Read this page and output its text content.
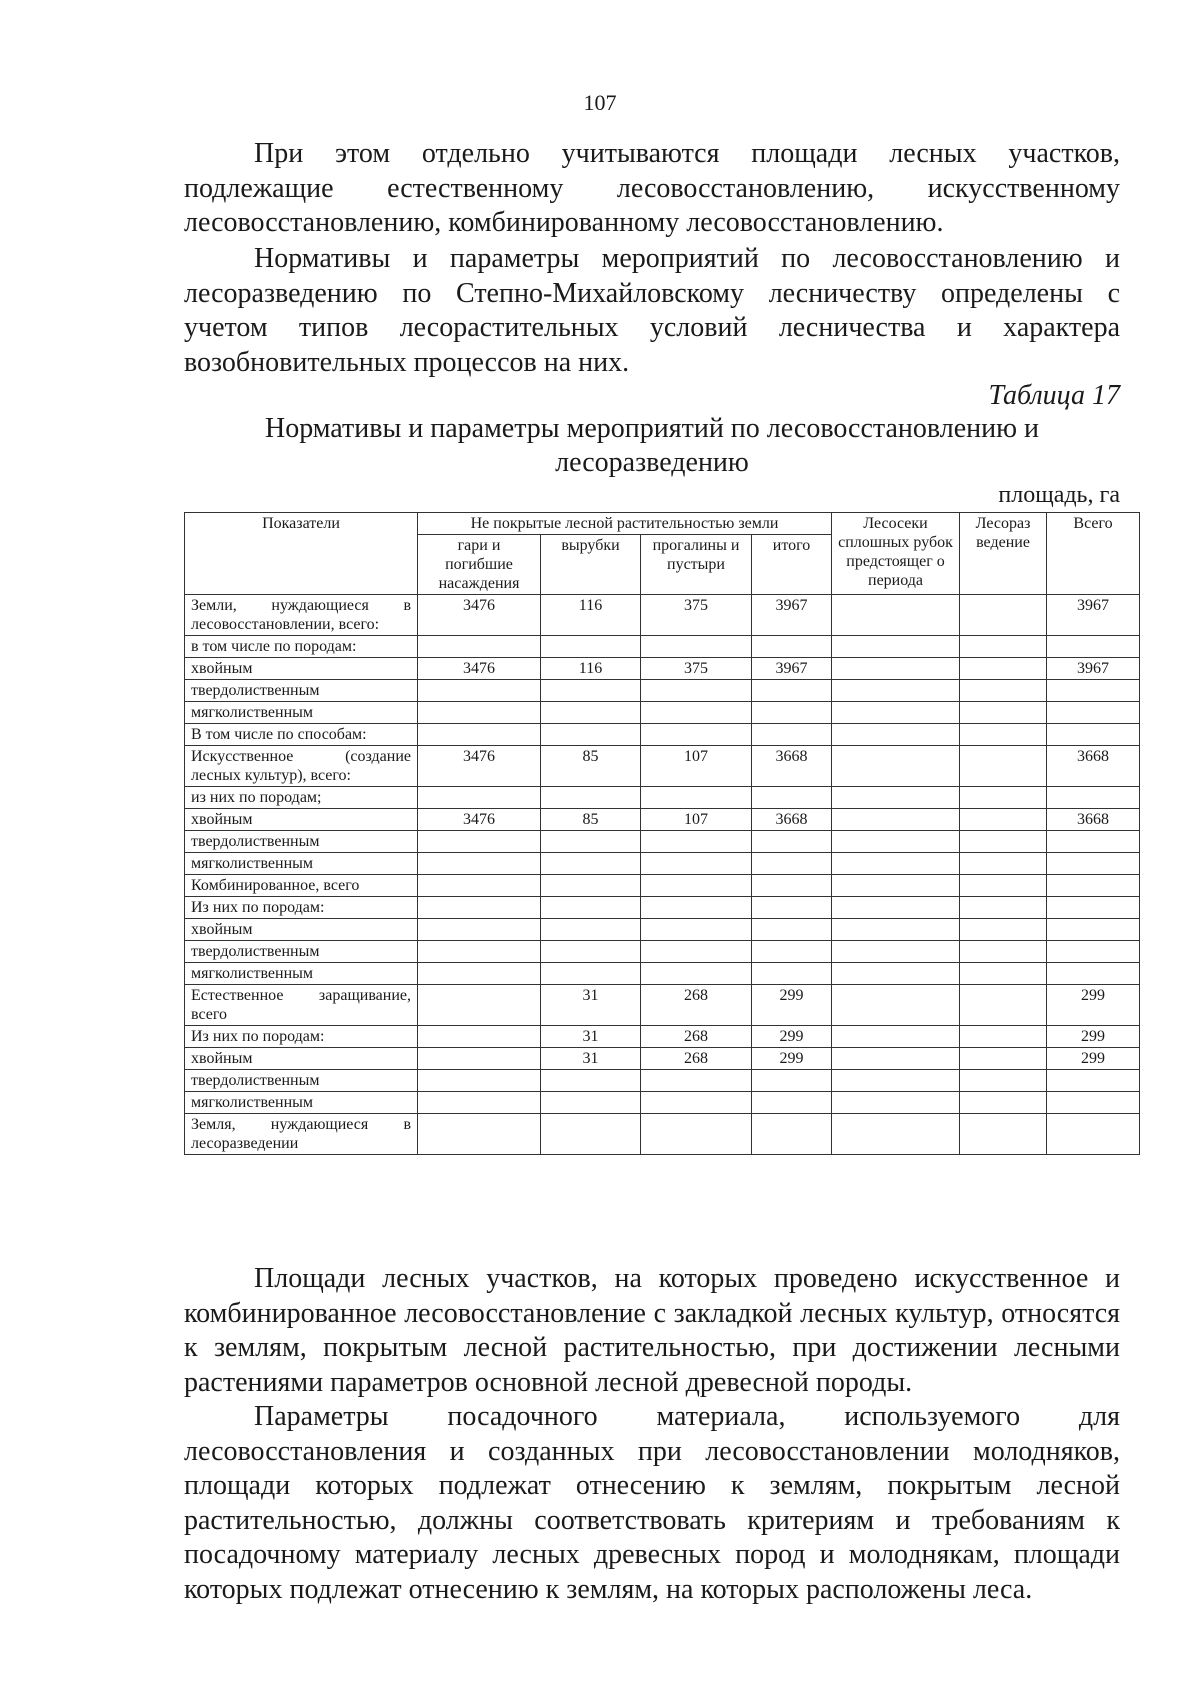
107

При этом отдельно учитываются площади лесных участков, подлежащие естественному лесовосстановлению, искусственному лесовосстановлению, комбинированному лесовосстановлению.

Нормативы и параметры мероприятий по лесовосстановлению и лесоразведению по Степно-Михайловскому лесничеству определены с учетом типов лесорастительных условий лесничества и характера возобновительных процессов на них.

Таблица 17
Нормативы и параметры мероприятий по лесовосстановлению и лесоразведению
площадь, га
Показатели	Не покрытые лесной растительностью земли				Лесосеки сплошных рубок предстоящег о периода	Лесораз ведение	Всего
	гари и погибшие насаждения	вырубки	прогалины и пустыри	итого			
Земли, нуждающиеся в лесовосстановлении, всего:	3476	116	375	3967			3967
в том числе по породам:							
хвойным	3476	116	375	3967			3967
твердолиственным							
мягколиственным							
В том числе по способам:							
Искусственное (создание лесных культур), всего:	3476	85	107	3668			3668
из них по породам;							
хвойным	3476	85	107	3668			3668
твердолиственным							
мягколиственным							
Комбинированное, всего							
Из них по породам:							
хвойным							
твердолиственным							
мягколиственным							
Естественное заращивание, всего		31	268	299			299
Из них по породам:		31	268	299			299
хвойным		31	268	299			299
твердолиственным							
мягколиственным							
Земля, нуждающиеся в лесоразведении							

Площади лесных участков, на которых проведено искусственное и комбинированное лесовосстановление с закладкой лесных культур, относятся к землям, покрытым лесной растительностью, при достижении лесными растениями параметров основной лесной древесной породы.

Параметры посадочного материала, используемого для лесовосстановления и созданных при лесовосстановлении молодняков, площади которых подлежат отнесению к землям, покрытым лесной растительностью, должны соответствовать критериям и требованиям к посадочному материалу лесных древесных пород и молоднякам, площади которых подлежат отнесению к землям, на которых расположены леса.
